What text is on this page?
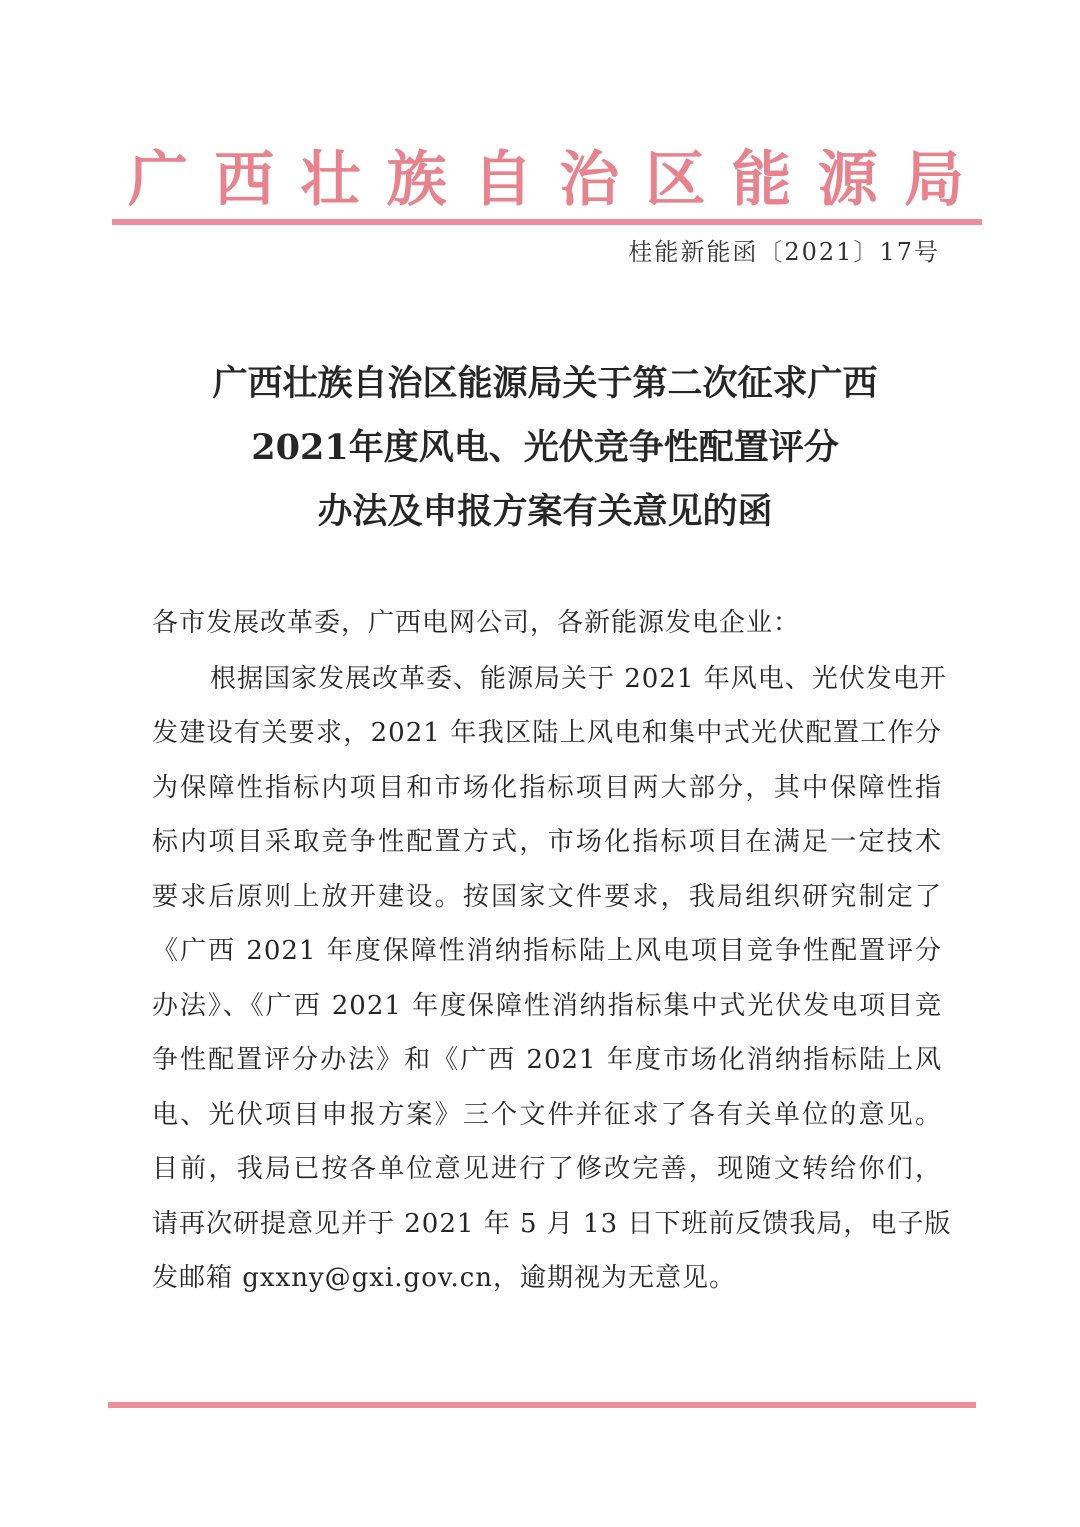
广 西 壮 族 自 治 区 能 源 局
桂能新能函〔2021〕17号
广西壮族自治区能源局关于第二次征求广西
2021年度风电、光伏竞争性配置评分
办法及申报方案有关意见的函
各市发展改革委，广西电网公司，各新能源发电企业：
根据国家发展改革委、能源局关于 2021 年风电、光伏发电开
发建设有关要求，2021 年我区陆上风电和集中式光伏配置工作分
为保障性指标内项目和市场化指标项目两大部分，其中保障性指
标内项目采取竞争性配置方式，市场化指标项目在满足一定技术
要求后原则上放开建设。按国家文件要求，我局组织研究制定了
《广西 2021 年度保障性消纳指标陆上风电项目竞争性配置评分
办法》、《广西 2021 年度保障性消纳指标集中式光伏发电项目竞
争性配置评分办法》和《广西 2021 年度市场化消纳指标陆上风
电、光伏项目申报方案》三个文件并征求了各有关单位的意见。
目前，我局已按各单位意见进行了修改完善，现随文转给你们，
请再次研提意见并于 2021 年 5 月 13 日下班前反馈我局，电子版
发邮箱 gxxny@gxi.gov.cn，逾期视为无意见。
